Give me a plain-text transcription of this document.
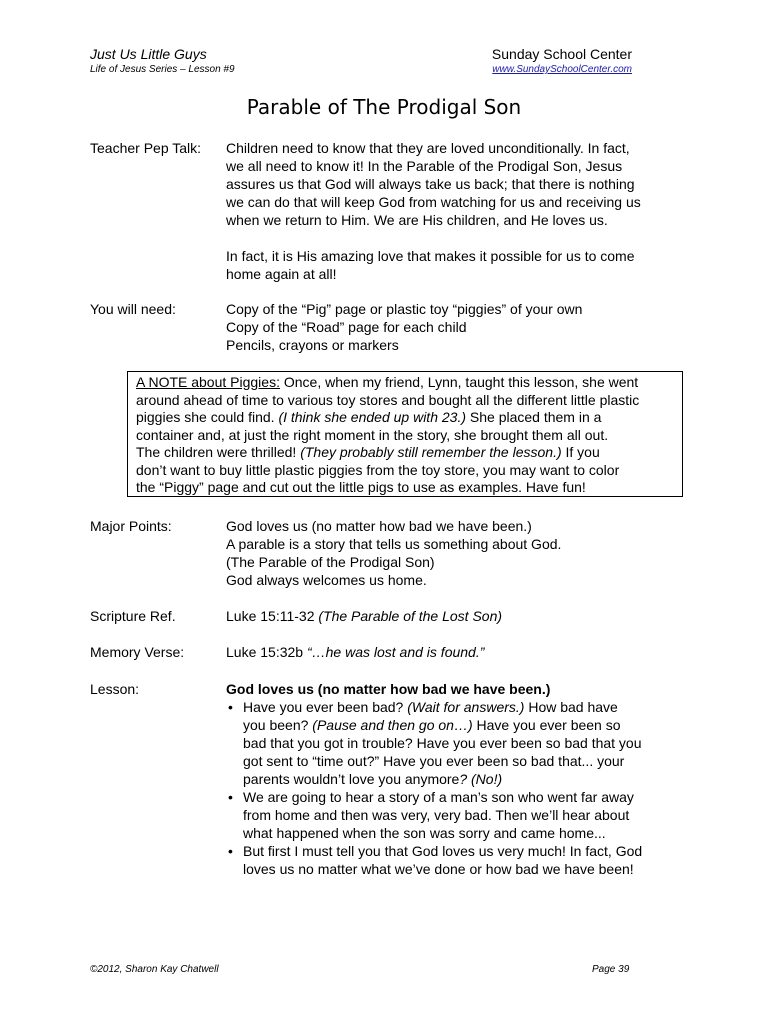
Just Us Little Guys
Life of Jesus Series – Lesson #9
Sunday School Center
www.SundaySchoolCenter.com
Parable of The Prodigal Son
Teacher Pep Talk: Children need to know that they are loved unconditionally. In fact,
we all need to know it! In the Parable of the Prodigal Son, Jesus
assures us that God will always take us back; that there is nothing
we can do that will keep God from watching for us and receiving us
when we return to Him. We are His children, and He loves us.
In fact, it is His amazing love that makes it possible for us to come
home again at all!
You will need:	Copy of the “Pig” page or plastic toy “piggies” of your own
Copy of the “Road” page for each child
Pencils, crayons or markers
A NOTE about Piggies: Once, when my friend, Lynn, taught this lesson, she went
around ahead of time to various toy stores and bought all the different little plastic
piggies she could find. (I think she ended up with 23.) She placed them in a
container and, at just the right moment in the story, she brought them all out.
The children were thrilled! (They probably still remember the lesson.) If you
don’t want to buy little plastic piggies from the toy store, you may want to color
the “Piggy” page and cut out the little pigs to use as examples. Have fun!
Major Points:	God loves us (no matter how bad we have been.)
A parable is a story that tells us something about God.
(The Parable of the Prodigal Son)
God always welcomes us home.
Scripture Ref.	Luke 15:11-32 (The Parable of the Lost Son)
Memory Verse:	Luke 15:32b “…he was lost and is found.”
Lesson:	God loves us (no matter how bad we have been.)
• Have you ever been bad? (Wait for answers.) How bad have
you been? (Pause and then go on…) Have you ever been so
bad that you got in trouble? Have you ever been so bad that you
got sent to “time out?” Have you ever been so bad that... your
parents wouldn’t love you anymore? (No!)
• We are going to hear a story of a man’s son who went far away
from home and then was very, very bad. Then we’ll hear about
what happened when the son was sorry and came home...
• But first I must tell you that God loves us very much! In fact, God
loves us no matter what we’ve done or how bad we have been!
©2012, Sharon Kay Chatwell	Page 39
